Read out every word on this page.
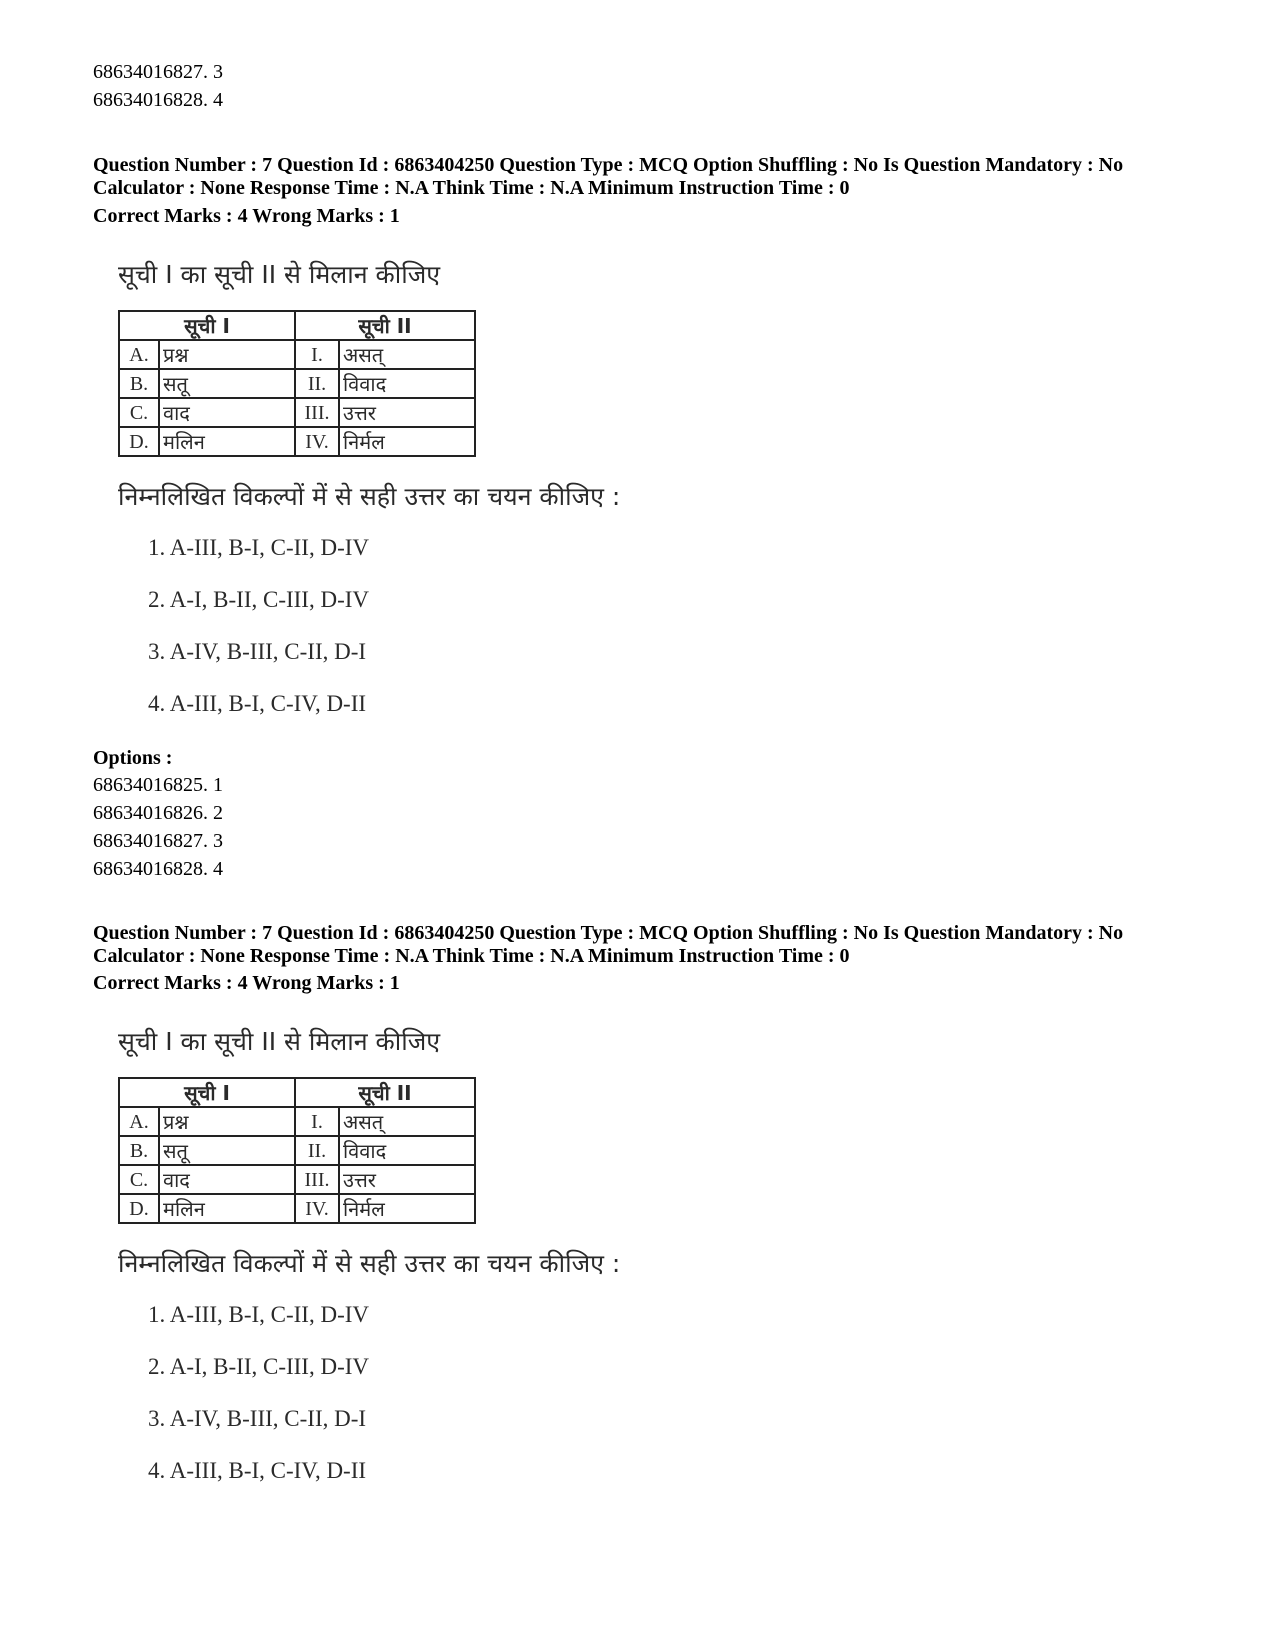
68634016827. 3
68634016828. 4
Question Number : 7 Question Id : 6863404250 Question Type : MCQ Option Shuffling : No Is Question Mandatory : No
Calculator : None Response Time : N.A Think Time : N.A Minimum Instruction Time : 0
Correct Marks : 4 Wrong Marks : 1
सूची I का सूची II से मिलान कीजिए
सूची I		सूची II	
A.	प्रश्न	I.	असत्
B.	सतू	II.	विवाद
C.	वाद	III.	उत्तर
D.	मलिन	IV.	निर्मल
निम्नलिखित विकल्पों में से सही उत्तर का चयन कीजिए :
1. A-III, B-I, C-II, D-IV
2. A-I, B-II, C-III, D-IV
3. A-IV, B-III, C-II, D-I
4. A-III, B-I, C-IV, D-II
Options :
68634016825. 1
68634016826. 2
68634016827. 3
68634016828. 4
Question Number : 7 Question Id : 6863404250 Question Type : MCQ Option Shuffling : No Is Question Mandatory : No
Calculator : None Response Time : N.A Think Time : N.A Minimum Instruction Time : 0
Correct Marks : 4 Wrong Marks : 1
सूची I का सूची II से मिलान कीजिए
सूची I		सूची II	
A.	प्रश्न	I.	असत्
B.	सतू	II.	विवाद
C.	वाद	III.	उत्तर
D.	मलिन	IV.	निर्मल
निम्नलिखित विकल्पों में से सही उत्तर का चयन कीजिए :
1. A-III, B-I, C-II, D-IV
2. A-I, B-II, C-III, D-IV
3. A-IV, B-III, C-II, D-I
4. A-III, B-I, C-IV, D-II
